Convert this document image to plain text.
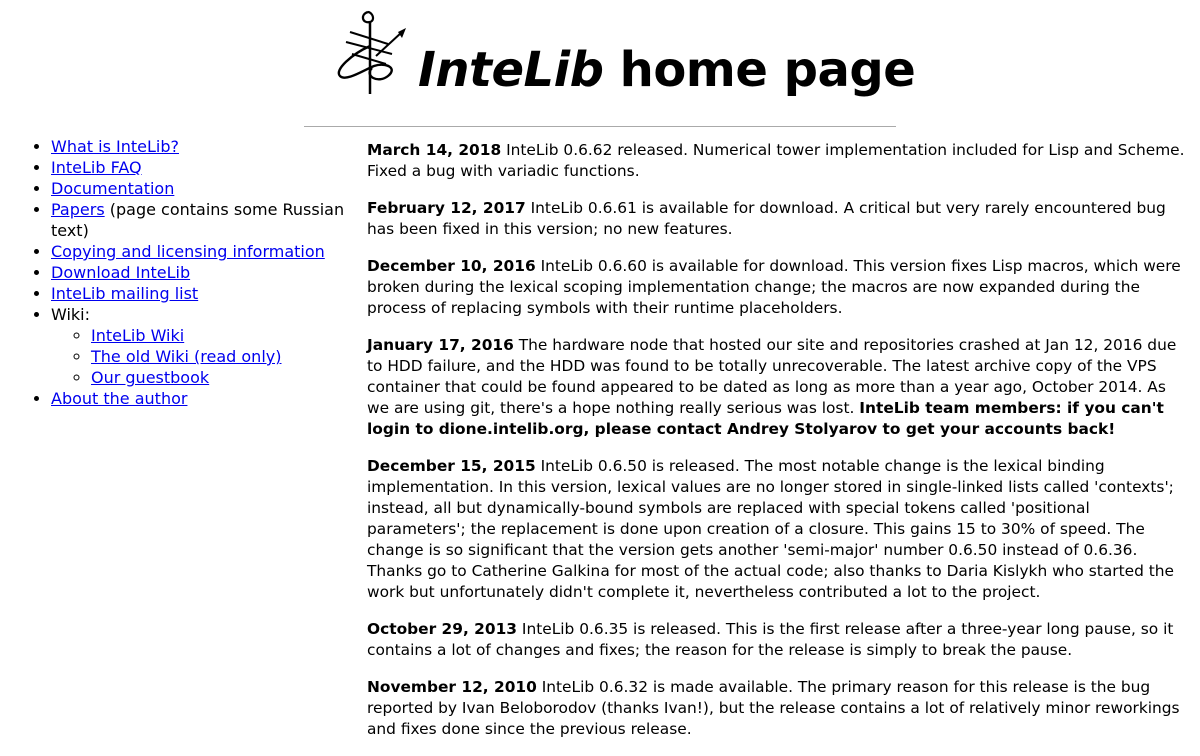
InteLib home page
• What is InteLib?
• InteLib FAQ
• Documentation
• Papers (page contains some Russian text)
• Copying and licensing information
• Download InteLib
• InteLib mailing list
• Wiki:
◦ InteLib Wiki
◦ The old Wiki (read only)
◦ Our guestbook
• About the author

March 14, 2018 InteLib 0.6.62 released. Numerical tower implementation included for Lisp and Scheme. Fixed a bug with variadic functions.

February 12, 2017 InteLib 0.6.61 is available for download. A critical but very rarely encountered bug has been fixed in this version; no new features.

December 10, 2016 InteLib 0.6.60 is available for download. This version fixes Lisp macros, which were broken during the lexical scoping implementation change; the macros are now expanded during the process of replacing symbols with their runtime placeholders.

January 17, 2016 The hardware node that hosted our site and repositories crashed at Jan 12, 2016 due to HDD failure, and the HDD was found to be totally unrecoverable. The latest archive copy of the VPS container that could be found appeared to be dated as long as more than a year ago, October 2014. As we are using git, there's a hope nothing really serious was lost. InteLib team members: if you can't login to dione.intelib.org, please contact Andrey Stolyarov to get your accounts back!

December 15, 2015 InteLib 0.6.50 is released. The most notable change is the lexical binding implementation. In this version, lexical values are no longer stored in single-linked lists called 'contexts'; instead, all but dynamically-bound symbols are replaced with special tokens called 'positional parameters'; the replacement is done upon creation of a closure. This gains 15 to 30% of speed. The change is so significant that the version gets another 'semi-major' number 0.6.50 instead of 0.6.36. Thanks go to Catherine Galkina for most of the actual code; also thanks to Daria Kislykh who started the work but unfortunately didn't complete it, nevertheless contributed a lot to the project.

October 29, 2013 InteLib 0.6.35 is released. This is the first release after a three-year long pause, so it contains a lot of changes and fixes; the reason for the release is simply to break the pause.

November 12, 2010 InteLib 0.6.32 is made available. The primary reason for this release is the bug reported by Ivan Beloborodov (thanks Ivan!), but the release contains a lot of relatively minor reworkings and fixes done since the previous release.
